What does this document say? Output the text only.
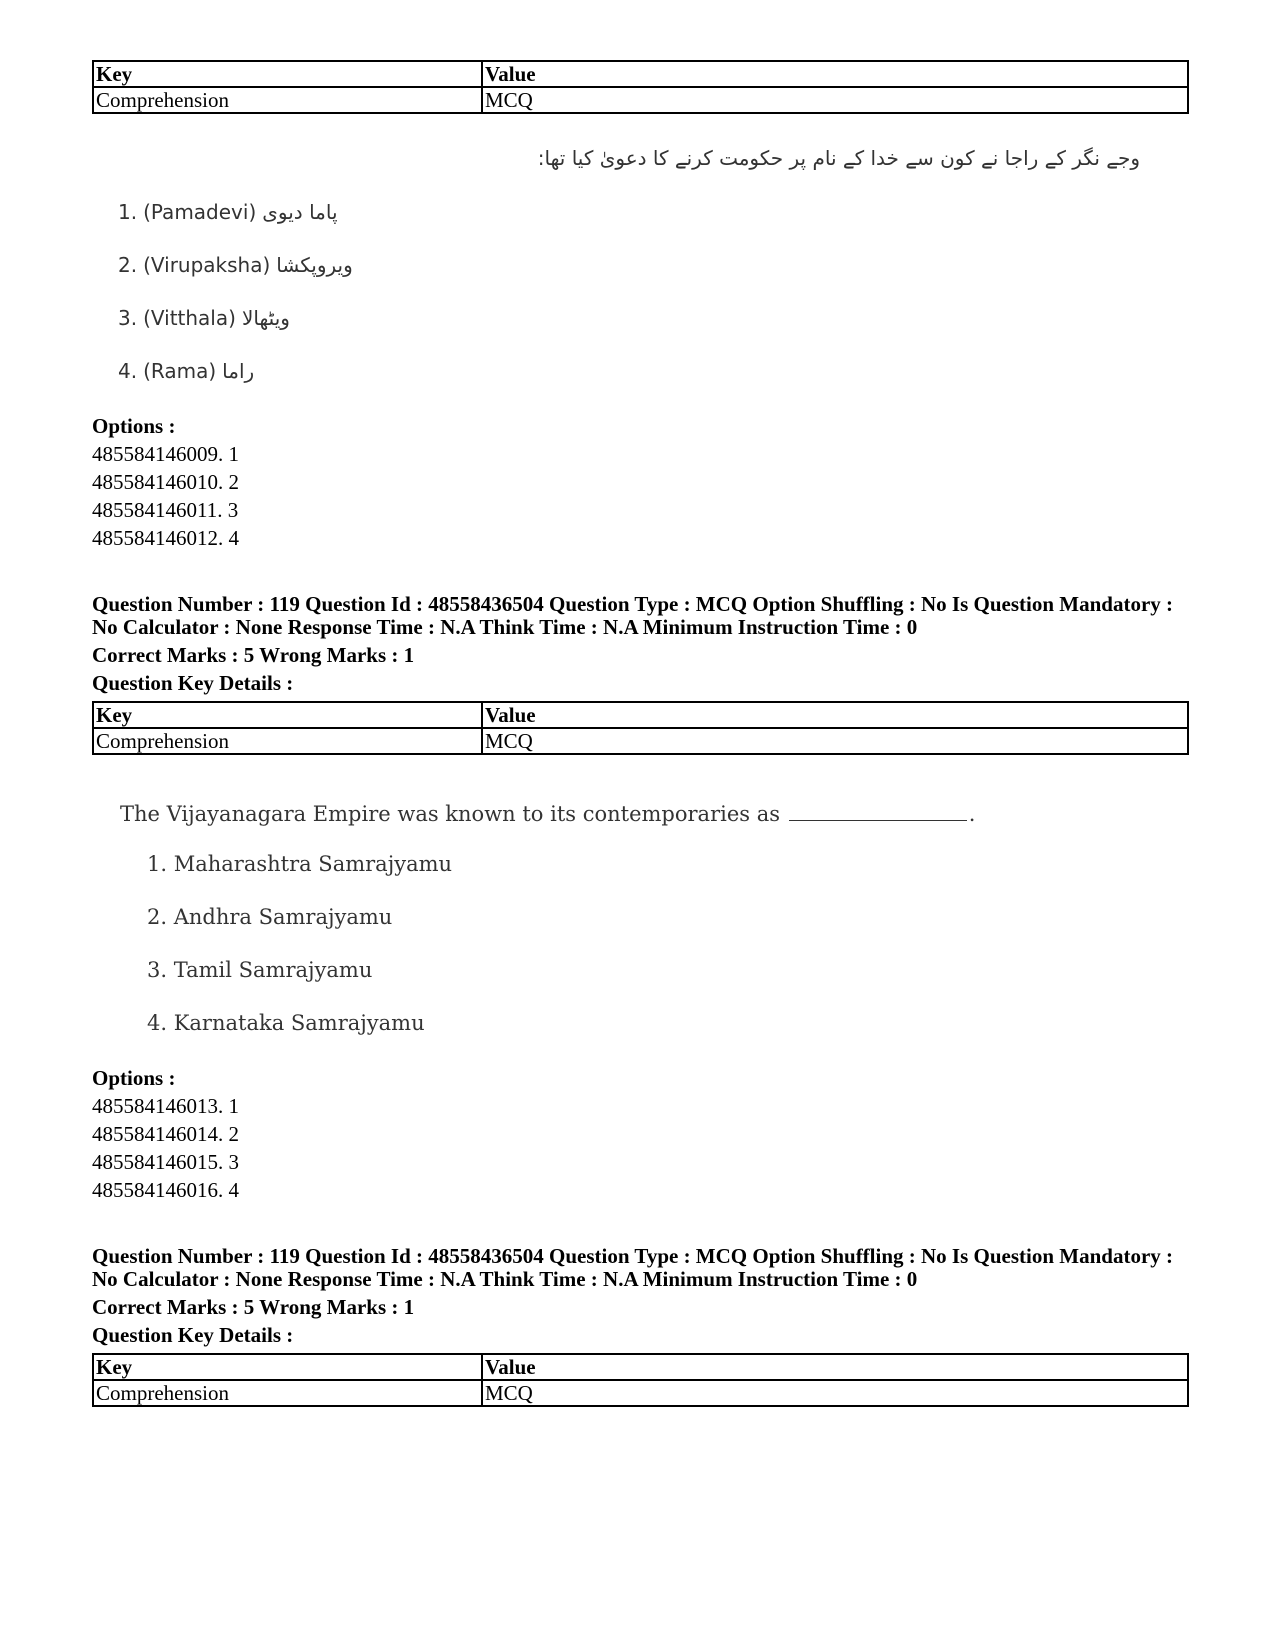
Key	Value
Comprehension	MCQ
وجے نگر کے راجا نے کون سے خدا کے نام پر حکومت کرنے کا دعویٰ کیا تھا:
1. (Pamadevi) پاما دیوی
2. (Virupaksha) ویروپکشا
3. (Vitthala) ویٹھالا
4. (Rama) راما
Options :
485584146009. 1
485584146010. 2
485584146011. 3
485584146012. 4
Question Number : 119 Question Id : 48558436504 Question Type : MCQ Option Shuffling : No Is Question Mandatory :
No Calculator : None Response Time : N.A Think Time : N.A Minimum Instruction Time : 0
Correct Marks : 5 Wrong Marks : 1
Question Key Details :
Key	Value
Comprehension	MCQ
The Vijayanagara Empire was known to its contemporaries as	.
1. Maharashtra Samrajyamu
2. Andhra Samrajyamu
3. Tamil Samrajyamu
4. Karnataka Samrajyamu
Options :
485584146013. 1
485584146014. 2
485584146015. 3
485584146016. 4
Question Number : 119 Question Id : 48558436504 Question Type : MCQ Option Shuffling : No Is Question Mandatory :
No Calculator : None Response Time : N.A Think Time : N.A Minimum Instruction Time : 0
Correct Marks : 5 Wrong Marks : 1
Question Key Details :
Key	Value
Comprehension	MCQ
